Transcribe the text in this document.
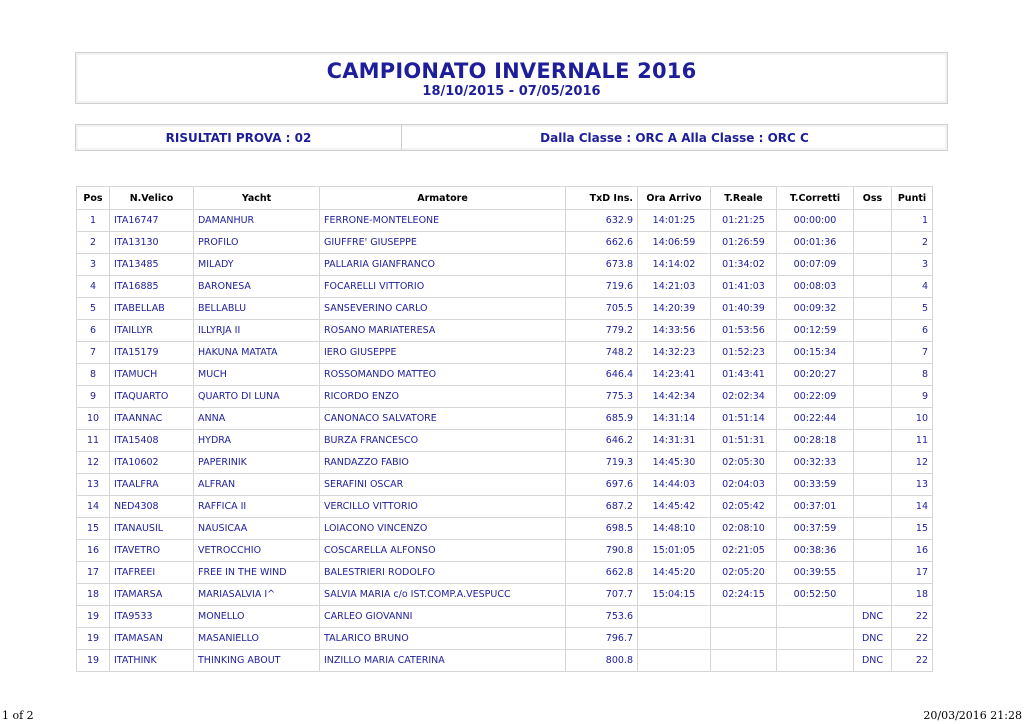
CAMPIONATO INVERNALE 2016
18/10/2015 - 07/05/2016
RISULTATI PROVA : 02	Dalla Classe : ORC A Alla Classe : ORC C
Pos	N.Velico	Yacht	Armatore	TxD Ins.	Ora Arrivo	T.Reale	T.Corretti	Oss	Punti
1	ITA16747	DAMANHUR	FERRONE-MONTELEONE	632.9	14:01:25	01:21:25	00:00:00		1
2	ITA13130	PROFILO	GIUFFRE' GIUSEPPE	662.6	14:06:59	01:26:59	00:01:36		2
3	ITA13485	MILADY	PALLARIA GIANFRANCO	673.8	14:14:02	01:34:02	00:07:09		3
4	ITA16885	BARONESA	FOCARELLI VITTORIO	719.6	14:21:03	01:41:03	00:08:03		4
5	ITABELLAB	BELLABLU	SANSEVERINO CARLO	705.5	14:20:39	01:40:39	00:09:32		5
6	ITAILLYR	ILLYRJA II	ROSANO MARIATERESA	779.2	14:33:56	01:53:56	00:12:59		6
7	ITA15179	HAKUNA MATATA	IERO GIUSEPPE	748.2	14:32:23	01:52:23	00:15:34		7
8	ITAMUCH	MUCH	ROSSOMANDO MATTEO	646.4	14:23:41	01:43:41	00:20:27		8
9	ITAQUARTO	QUARTO DI LUNA	RICORDO ENZO	775.3	14:42:34	02:02:34	00:22:09		9
10	ITAANNAC	ANNA	CANONACO SALVATORE	685.9	14:31:14	01:51:14	00:22:44		10
11	ITA15408	HYDRA	BURZA FRANCESCO	646.2	14:31:31	01:51:31	00:28:18		11
12	ITA10602	PAPERINIK	RANDAZZO FABIO	719.3	14:45:30	02:05:30	00:32:33		12
13	ITAALFRA	ALFRAN	SERAFINI OSCAR	697.6	14:44:03	02:04:03	00:33:59		13
14	NED4308	RAFFICA II	VERCILLO VITTORIO	687.2	14:45:42	02:05:42	00:37:01		14
15	ITANAUSIL	NAUSICAA	LOIACONO VINCENZO	698.5	14:48:10	02:08:10	00:37:59		15
16	ITAVETRO	VETROCCHIO	COSCARELLA ALFONSO	790.8	15:01:05	02:21:05	00:38:36		16
17	ITAFREEI	FREE IN THE WIND	BALESTRIERI RODOLFO	662.8	14:45:20	02:05:20	00:39:55		17
18	ITAMARSA	MARIASALVIA I^	SALVIA MARIA c/o IST.COMP.A.VESPUCC	707.7	15:04:15	02:24:15	00:52:50		18
19	ITA9533	MONELLO	CARLEO GIOVANNI	753.6				DNC	22
19	ITAMASAN	MASANIELLO	TALARICO BRUNO	796.7				DNC	22
19	ITATHINK	THINKING ABOUT	INZILLO MARIA CATERINA	800.8				DNC	22
1 of 2	20/03/2016 21:28
